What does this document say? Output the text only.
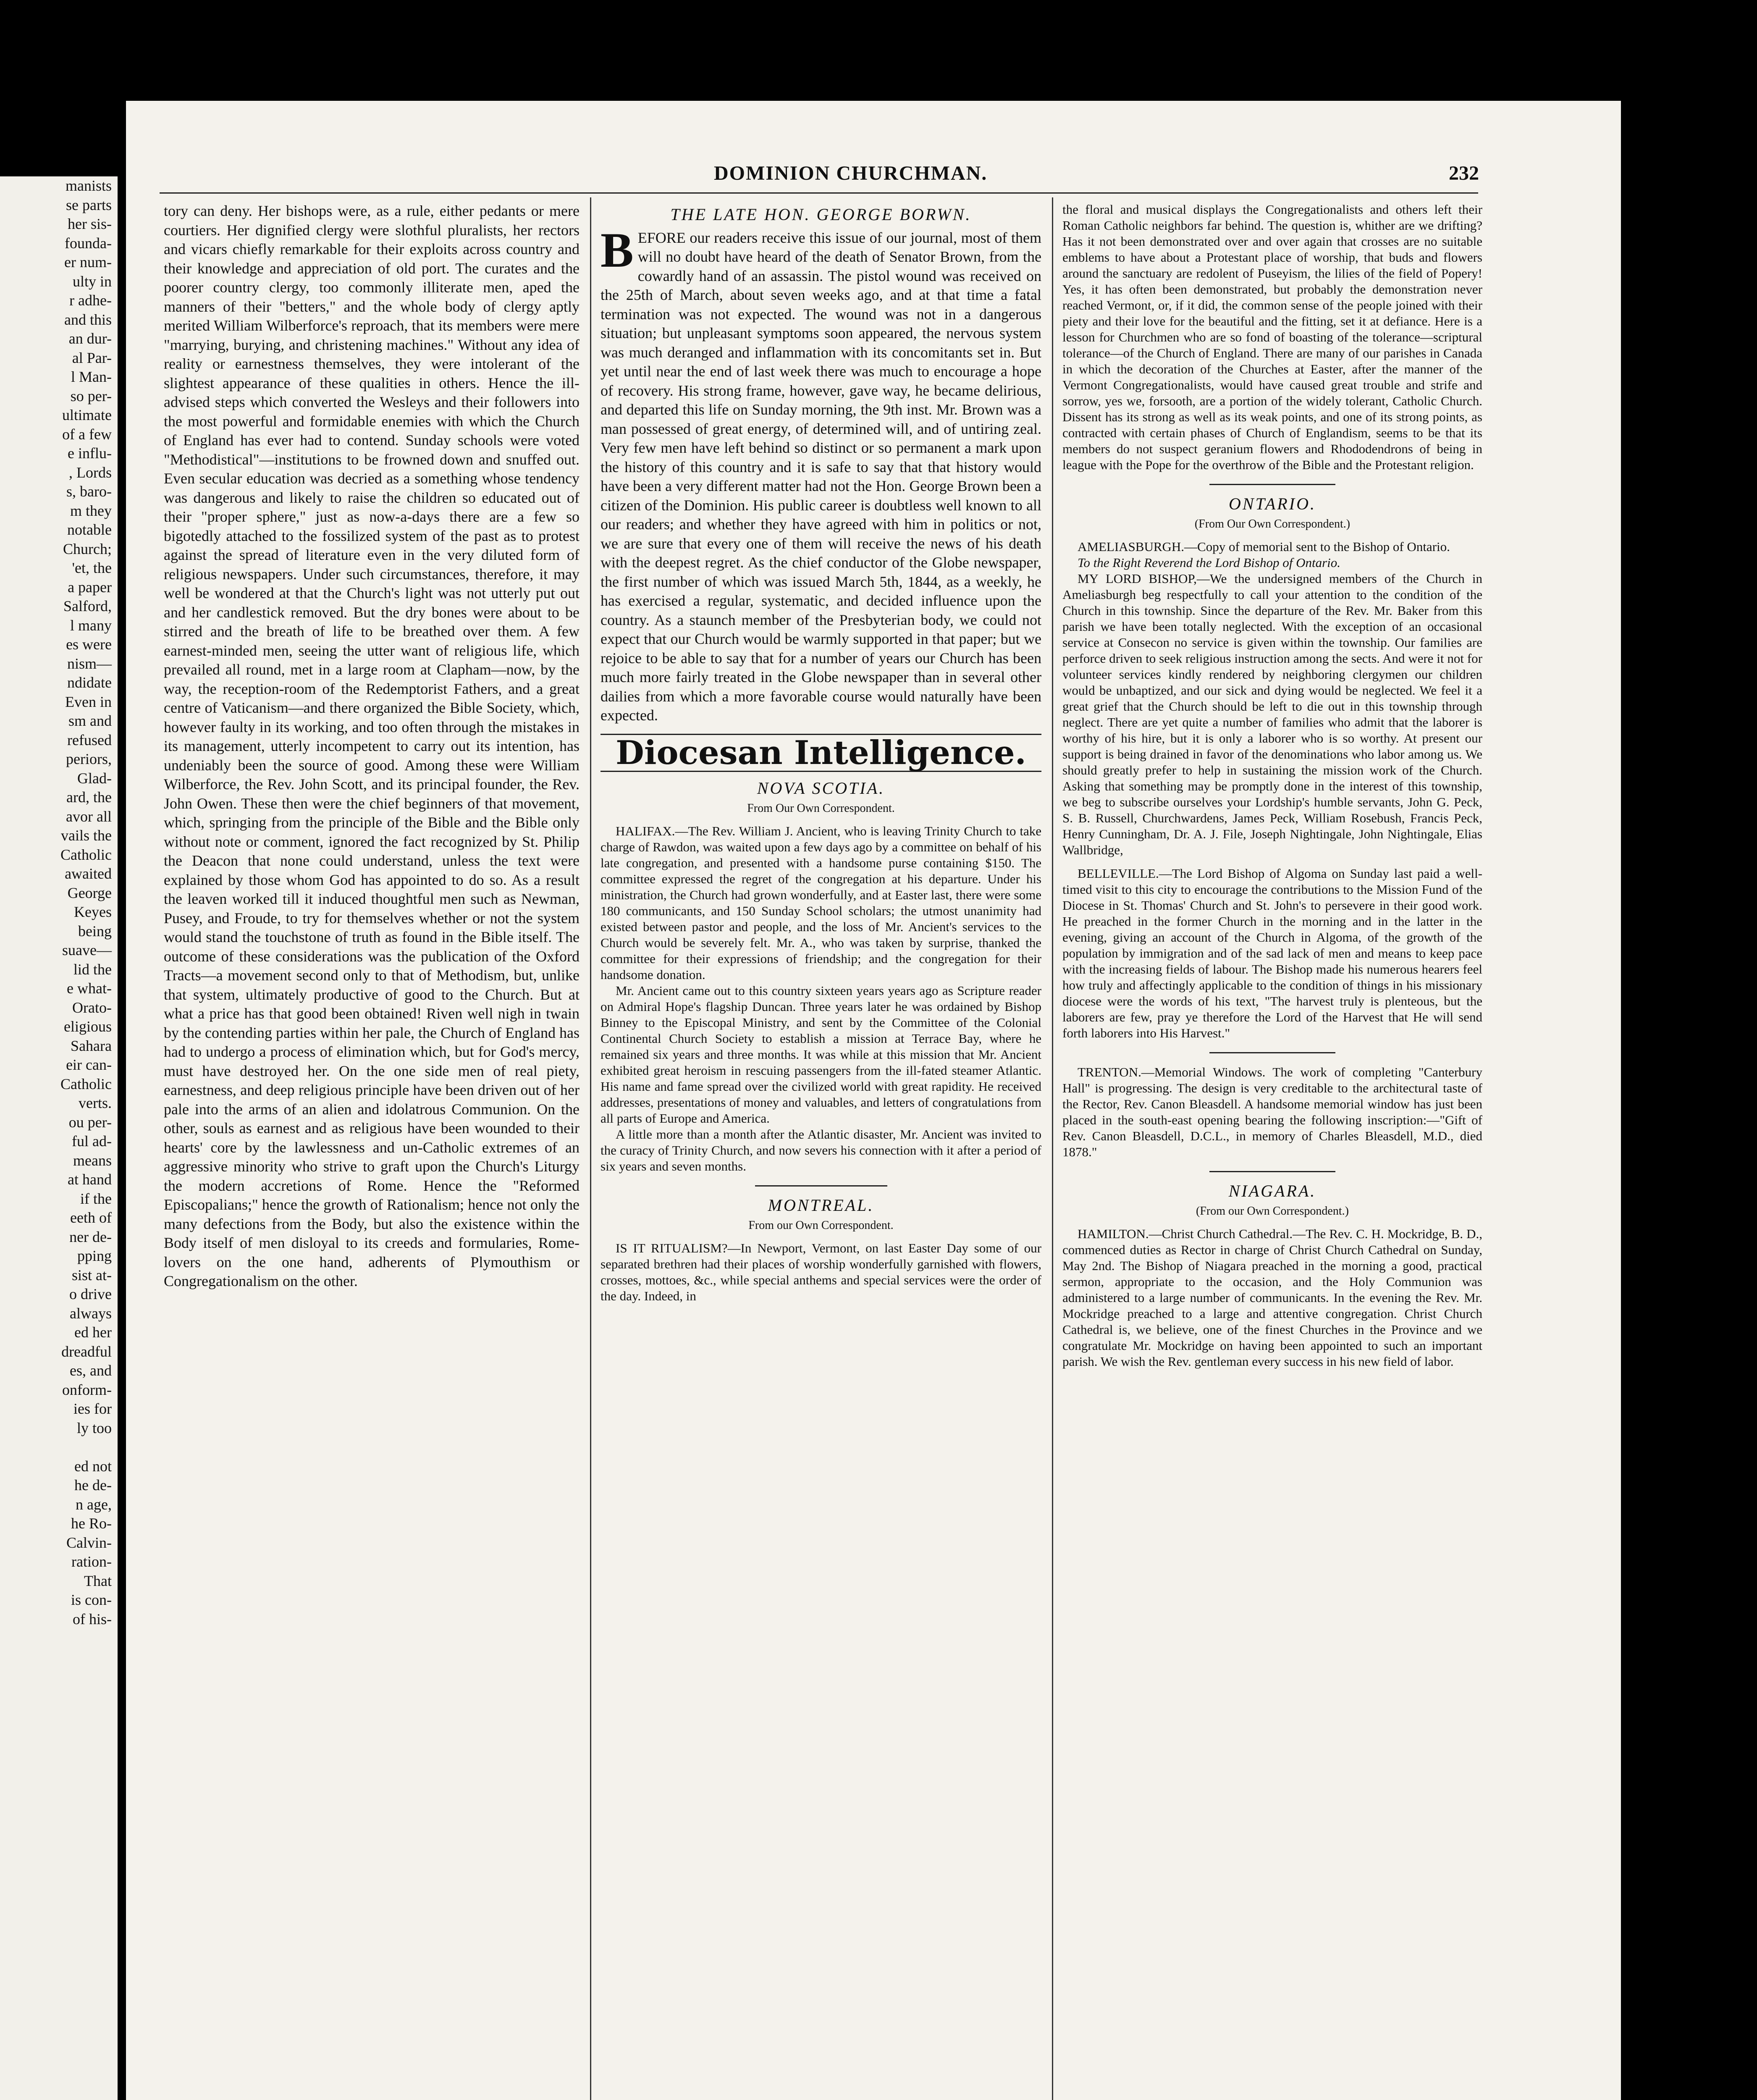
manists
se parts
her sis-
founda-
er num-
ulty in
r adhe-
and this
an dur-
al Par-
l Man-
so per-
ultimate
of a few
e influ-
, Lords
s, baro-
m they
notable
Church;
'et, the
a paper
Salford,
l many
es were
nism—
ndidate
Even in
sm and
refused
periors,
Glad-
ard, the
avor all
vails the
Catholic
awaited
George
Keyes
being
suave—
lid the
e what-
Orato-
eligious
Sahara
eir can-
Catholic
verts.
ou per-
ful ad-
means
at hand
if the
eeth of
ner de-
pping
sist at-
o drive
always
ed her
dreadful
es, and
onform-
ies for
ly too

ed not
he de-
n age,
he Ro-
Calvin-
ration-
That
is con-
of his-
DOMINION CHURCHMAN.	232

tory can deny. Her bishops were, as a rule, either pedants or mere courtiers. Her dignified clergy were slothful pluralists, her rectors and vicars chiefly remarkable for their exploits across country and their knowledge and appreciation of old port. The curates and the poorer country clergy, too commonly illiterate men, aped the manners of their "betters," and the whole body of clergy aptly merited William Wilberforce's reproach, that its members were mere "marrying, burying, and christening machines." Without any idea of reality or earnestness themselves, they were intolerant of the slightest appearance of these qualities in others. Hence the ill-advised steps which converted the Wesleys and their followers into the most powerful and formidable enemies with which the Church of England has ever had to contend. Sunday schools were voted "Methodistical"—institutions to be frowned down and snuffed out. Even secular education was decried as a something whose tendency was dangerous and likely to raise the children so educated out of their "proper sphere," just as now-a-days there are a few so bigotedly attached to the fossilized system of the past as to protest against the spread of literature even in the very diluted form of religious newspapers. Under such circumstances, therefore, it may well be wondered at that the Church's light was not utterly put out and her candlestick removed. But the dry bones were about to be stirred and the breath of life to be breathed over them. A few earnest-minded men, seeing the utter want of religious life, which prevailed all round, met in a large room at Clapham—now, by the way, the reception-room of the Redemptorist Fathers, and a great centre of Vaticanism—and there organized the Bible Society, which, however faulty in its working, and too often through the mistakes in its management, utterly incompetent to carry out its intention, has undeniably been the source of good. Among these were William Wilberforce, the Rev. John Scott, and its principal founder, the Rev. John Owen. These then were the chief beginners of that movement, which, springing from the principle of the Bible and the Bible only without note or comment, ignored the fact recognized by St. Philip the Deacon that none could understand, unless the text were explained by those whom God has appointed to do so. As a result the leaven worked till it induced thoughtful men such as Newman, Pusey, and Froude, to try for themselves whether or not the system would stand the touchstone of truth as found in the Bible itself. The outcome of these considerations was the publication of the Oxford Tracts—a movement second only to that of Methodism, but, unlike that system, ultimately productive of good to the Church. But at what a price has that good been obtained! Riven well nigh in twain by the contending parties within her pale, the Church of England has had to undergo a process of elimination which, but for God's mercy, must have destroyed her. On the one side men of real piety, earnestness, and deep religious principle have been driven out of her pale into the arms of an alien and idolatrous Communion. On the other, souls as earnest and as religious have been wounded to their hearts' core by the lawlessness and un-Catholic extremes of an aggressive minority who strive to graft upon the Church's Liturgy the modern accretions of Rome. Hence the "Reformed Episcopalians;" hence the growth of Rationalism; hence not only the many defections from the Body, but also the existence within the Body itself of men disloyal to its creeds and formularies, Rome-lovers on the one hand, adherents of Plymouthism or Congregationalism on the other.

THE LATE HON. GEORGE BORWN.

BEFORE our readers receive this issue of our journal, most of them will no doubt have heard of the death of Senator Brown, from the cowardly hand of an assassin. The pistol wound was received on the 25th of March, about seven weeks ago, and at that time a fatal termination was not expected. The wound was not in a dangerous situation; but unpleasant symptoms soon appeared, the nervous system was much deranged and inflammation with its concomitants set in. But yet until near the end of last week there was much to encourage a hope of recovery. His strong frame, however, gave way, he became delirious, and departed this life on Sunday morning, the 9th inst. Mr. Brown was a man possessed of great energy, of determined will, and of untiring zeal. Very few men have left behind so distinct or so permanent a mark upon the history of this country and it is safe to say that that history would have been a very different matter had not the Hon. George Brown been a citizen of the Dominion. His public career is doubtless well known to all our readers; and whether they have agreed with him in politics or not, we are sure that every one of them will receive the news of his death with the deepest regret. As the chief conductor of the Globe newspaper, the first number of which was issued March 5th, 1844, as a weekly, he has exercised a regular, systematic, and decided influence upon the country. As a staunch member of the Presbyterian body, we could not expect that our Church would be warmly supported in that paper; but we rejoice to be able to say that for a number of years our Church has been much more fairly treated in the Globe newspaper than in several other dailies from which a more favorable course would naturally have been expected.

Diocesan Intelligence.
NOVA SCOTIA.
From Our Own Correspondent.

HALIFAX.—The Rev. William J. Ancient, who is leaving Trinity Church to take charge of Rawdon, was waited upon a few days ago by a committee on behalf of his late congregation, and presented with a handsome purse containing $150. The committee expressed the regret of the congregation at his departure. Under his ministration, the Church had grown wonderfully, and at Easter last, there were some 180 communicants, and 150 Sunday School scholars; the utmost unanimity had existed between pastor and people, and the loss of Mr. Ancient's services to the Church would be severely felt. Mr. A., who was taken by surprise, thanked the committee for their expressions of friendship; and the congregation for their handsome donation.

Mr. Ancient came out to this country sixteen years years ago as Scripture reader on Admiral Hope's flagship Duncan. Three years later he was ordained by Bishop Binney to the Episcopal Ministry, and sent by the Committee of the Colonial Continental Church Society to establish a mission at Terrace Bay, where he remained six years and three months. It was while at this mission that Mr. Ancient exhibited great heroism in rescuing passengers from the ill-fated steamer Atlantic. His name and fame spread over the civilized world with great rapidity. He received addresses, presentations of money and valuables, and letters of congratulations from all parts of Europe and America.

A little more than a month after the Atlantic disaster, Mr. Ancient was invited to the curacy of Trinity Church, and now severs his connection with it after a period of six years and seven months.

MONTREAL.
From our Own Correspondent.

IS IT RITUALISM?—In Newport, Vermont, on last Easter Day some of our separated brethren had their places of worship wonderfully garnished with flowers, crosses, mottoes, &c., while special anthems and special services were the order of the day. Indeed, in

the floral and musical displays the Congregationalists and others left their Roman Catholic neighbors far behind. The question is, whither are we drifting? Has it not been demonstrated over and over again that crosses are no suitable emblems to have about a Protestant place of worship, that buds and flowers around the sanctuary are redolent of Puseyism, the lilies of the field of Popery! Yes, it has often been demonstrated, but probably the demonstration never reached Vermont, or, if it did, the common sense of the people joined with their piety and their love for the beautiful and the fitting, set it at defiance. Here is a lesson for Churchmen who are so fond of boasting of the tolerance—scriptural tolerance—of the Church of England. There are many of our parishes in Canada in which the decoration of the Churches at Easter, after the manner of the Vermont Congregationalists, would have caused great trouble and strife and sorrow, yes we, forsooth, are a portion of the widely tolerant, Catholic Church. Dissent has its strong as well as its weak points, and one of its strong points, as contracted with certain phases of Church of Englandism, seems to be that its members do not suspect geranium flowers and Rhododendrons of being in league with the Pope for the overthrow of the Bible and the Protestant religion.

ONTARIO.
(From Our Own Correspondent.)

AMELIASBURGH.—Copy of memorial sent to the Bishop of Ontario.

To the Right Reverend the Lord Bishop of Ontario.

MY LORD BISHOP,—We the undersigned members of the Church in Ameliasburgh beg respectfully to call your attention to the condition of the Church in this township. Since the departure of the Rev. Mr. Baker from this parish we have been totally neglected. With the exception of an occasional service at Consecon no service is given within the township. Our families are perforce driven to seek religious instruction among the sects. And were it not for volunteer services kindly rendered by neighboring clergymen our children would be unbaptized, and our sick and dying would be neglected. We feel it a great grief that the Church should be left to die out in this township through neglect. There are yet quite a number of families who admit that the laborer is worthy of his hire, but it is only a laborer who is so worthy. At present our support is being drained in favor of the denominations who labor among us. We should greatly prefer to help in sustaining the mission work of the Church. Asking that something may be promptly done in the interest of this township, we beg to subscribe ourselves your Lordship's humble servants, John G. Peck, S. B. Russell, Churchwardens, James Peck, William Rosebush, Francis Peck, Henry Cunningham, Dr. A. J. File, Joseph Nightingale, John Nightingale, Elias Wallbridge,

BELLEVILLE.—The Lord Bishop of Algoma on Sunday last paid a well-timed visit to this city to encourage the contributions to the Mission Fund of the Diocese in St. Thomas' Church and St. John's to persevere in their good work. He preached in the former Church in the morning and in the latter in the evening, giving an account of the Church in Algoma, of the growth of the population by immigration and of the sad lack of men and means to keep pace with the increasing fields of labour. The Bishop made his numerous hearers feel how truly and affectingly applicable to the condition of things in his missionary diocese were the words of his text, "The harvest truly is plenteous, but the laborers are few, pray ye therefore the Lord of the Harvest that He will send forth laborers into His Harvest."

TRENTON.—Memorial Windows. The work of completing "Canterbury Hall" is progressing. The design is very creditable to the architectural taste of the Rector, Rev. Canon Bleasdell. A handsome memorial window has just been placed in the south-east opening bearing the following inscription:—"Gift of Rev. Canon Bleasdell, D.C.L., in memory of Charles Bleasdell, M.D., died 1878."

NIAGARA.
(From our Own Correspondent.)

HAMILTON.—Christ Church Cathedral.—The Rev. C. H. Mockridge, B. D., commenced duties as Rector in charge of Christ Church Cathedral on Sunday, May 2nd. The Bishop of Niagara preached in the morning a good, practical sermon, appropriate to the occasion, and the Holy Communion was administered to a large number of communicants. In the evening the Rev. Mr. Mockridge preached to a large and attentive congregation. Christ Church Cathedral is, we believe, one of the finest Churches in the Province and we congratulate Mr. Mockridge on having been appointed to such an important parish. We wish the Rev. gentleman every success in his new field of labor.
